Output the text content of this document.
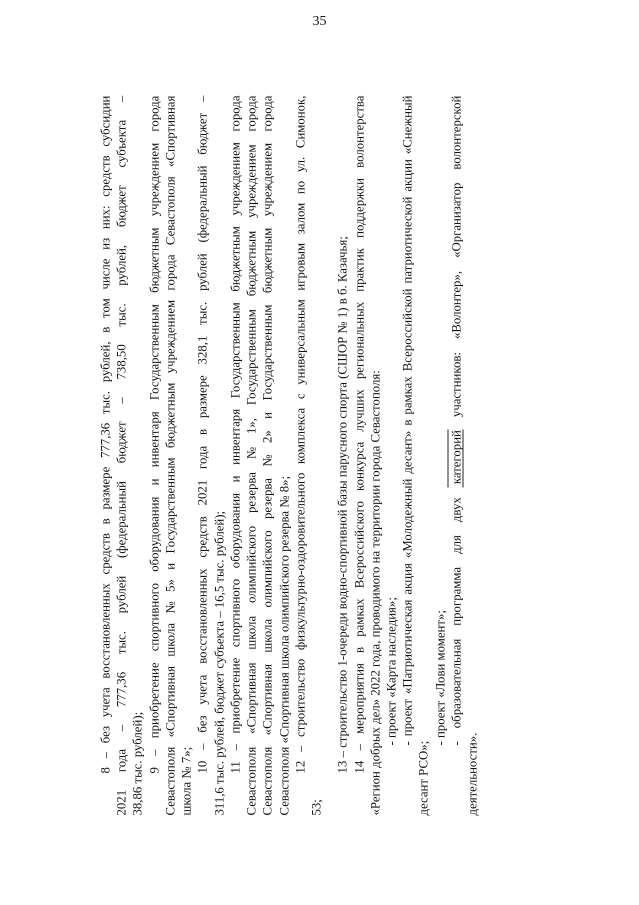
35
8
–
без
учета
восстановленных
средств
в
размере
777,36
тыс.
рублей,
в
том
числе
из
них:
средств
субсидии
2021
года
–
777,36
тыс.
рублей
(федеральный
бюджет
–
738,50
тыс.
рублей,
бюджет
субъекта
–
38,86 тыс. рублей); 9
–
приобретение
спортивного
оборудования
и
инвентаря
Государственным
бюджетным
учреждением
города
Севастополя
«Спортивная
школа
№
5»
и
Государственным
бюджетным
учреждением
города
Севастополя
«Спортивная
школа № 7»; 10
–
без
учета
восстановленных
средств
2021
года
в
размере
328,1
тыс.
рублей
(федеральный
бюджет
–
311,6 тыс. рублей, бюджет субъекта – 16,5 тыс. рублей); 11
–
приобретение
спортивного
оборудования
и
инвентаря
Государственным
бюджетным
учреждением
города
Севастополя
«Спортивная
школа
олимпийского
резерва
№
1»,
Государственным
бюджетным
учреждением
города
Севастополя
«Спортивная
школа
олимпийского
резерва
№
2»
и
Государственным
бюджетным
учреждением
города
Севастополя «Спортивная школа олимпийского резерва № 8»; 12
–
строительство
физкультурно-оздоровительного
комплекса
с
универсальным
игровым
залом
по
ул.
Симонок,
53;
13 – строительство 1-очереди водно-спортивной базы парусного спорта (СШОР № 1) в б. Казачья; 14
–
мероприятия
в
рамках
Всероссийского
конкурса
лучших
региональных
практик
поддержки
волонтерства
«Регион добрых дел» 2022 года, проводимого на территории города Севастополя: - проект «Карта наследия»; -
проект
«Патриотическая
акция
«Молодежный
десант»
в
рамках
Всероссийской
патриотической
акции
«Снежный
десант РСО»;
- проект «Лови момент»; -
образовательная
программа
для
двух
категорий
участников:
«Волонтер»,
«Организатор
волонтерской
деятельности».
